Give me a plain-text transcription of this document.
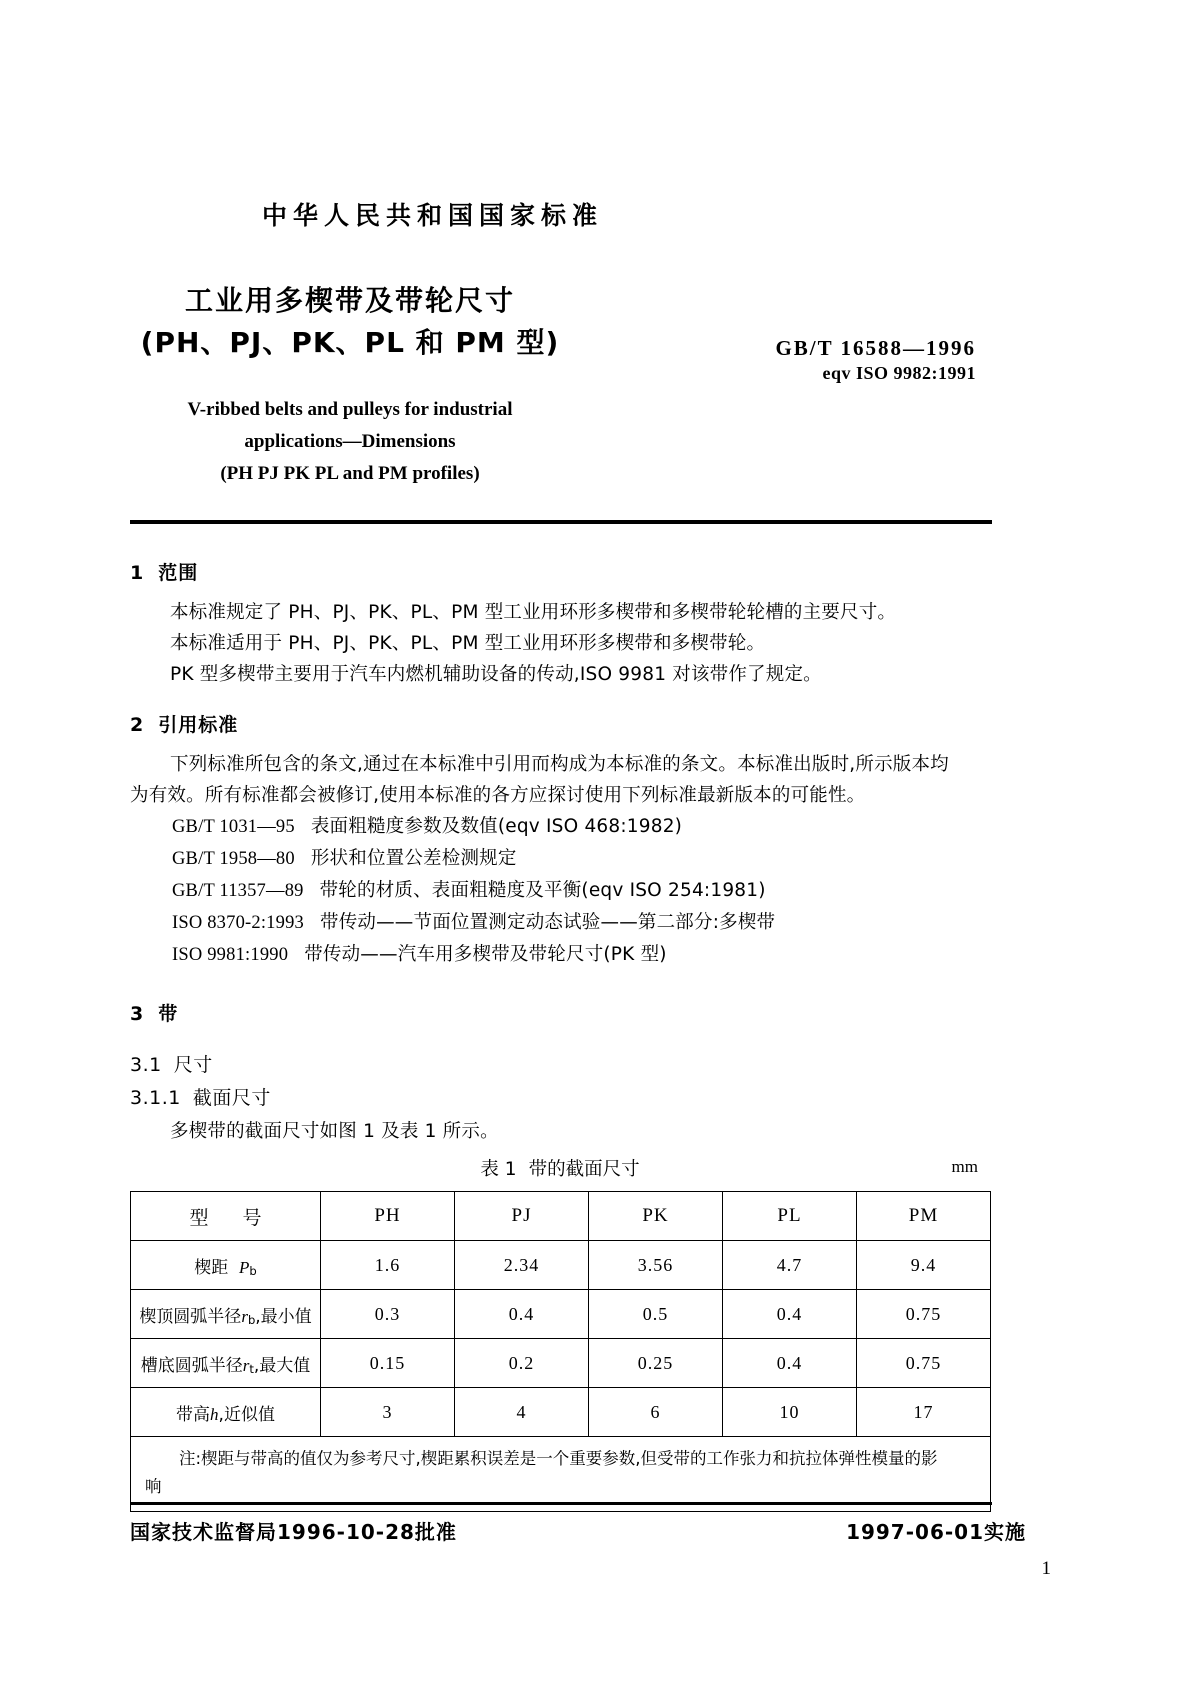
中华人民共和国国家标准
工业用多楔带及带轮尺寸
(PH、PJ、PK、PL 和 PM 型)	GB/T 16588—1996
eqv ISO 9982:1991
V-ribbed belts and pulleys for industrial
applications—Dimensions
(PH PJ PK PL and PM profiles)
1 范围

本标准规定了 PH、PJ、PK、PL、PM 型工业用环形多楔带和多楔带轮轮槽的主要尺寸。

本标准适用于 PH、PJ、PK、PL、PM 型工业用环形多楔带和多楔带轮。

PK 型多楔带主要用于汽车内燃机辅助设备的传动,ISO 9981 对该带作了规定。

2 引用标准

下列标准所包含的条文,通过在本标准中引用而构成为本标准的条文。本标准出版时,所示版本均

为有效。所有标准都会被修订,使用本标准的各方应探讨使用下列标准最新版本的可能性。

GB/T 1031—95 表面粗糙度参数及数值(eqv ISO 468:1982)
GB/T 1958—80 形状和位置公差检测规定
GB/T 11357—89 带轮的材质、表面粗糙度及平衡(eqv ISO 254:1981)
ISO 8370-2:1993 带传动——节面位置测定动态试验——第二部分:多楔带
ISO 9981:1990 带传动——汽车用多楔带及带轮尺寸(PK 型)
3 带
3.1 尺寸
3.1.1 截面尺寸

多楔带的截面尺寸如图 1 及表 1 所示。

表 1 带的截面尺寸	mm
型 号	PH	PJ	PK	PL	PM
楔距 $P_b$	1.6	2.34	3.56	4.7	9.4
楔顶圆弧半径$r_b$,最小值	0.3	0.4	0.5	0.4	0.75
槽底圆弧半径$r_t$,最大值	0.15	0.2	0.25	0.4	0.75
带高h,近似值	3	4	6	10	17
注:楔距与带高的值仅为参考尺寸,楔距累积误差是一个重要参数,但受带的工作张力和抗拉体弹性模量的影
响					
国家技术监督局1996-10-28批准	1997-06-01实施
1
